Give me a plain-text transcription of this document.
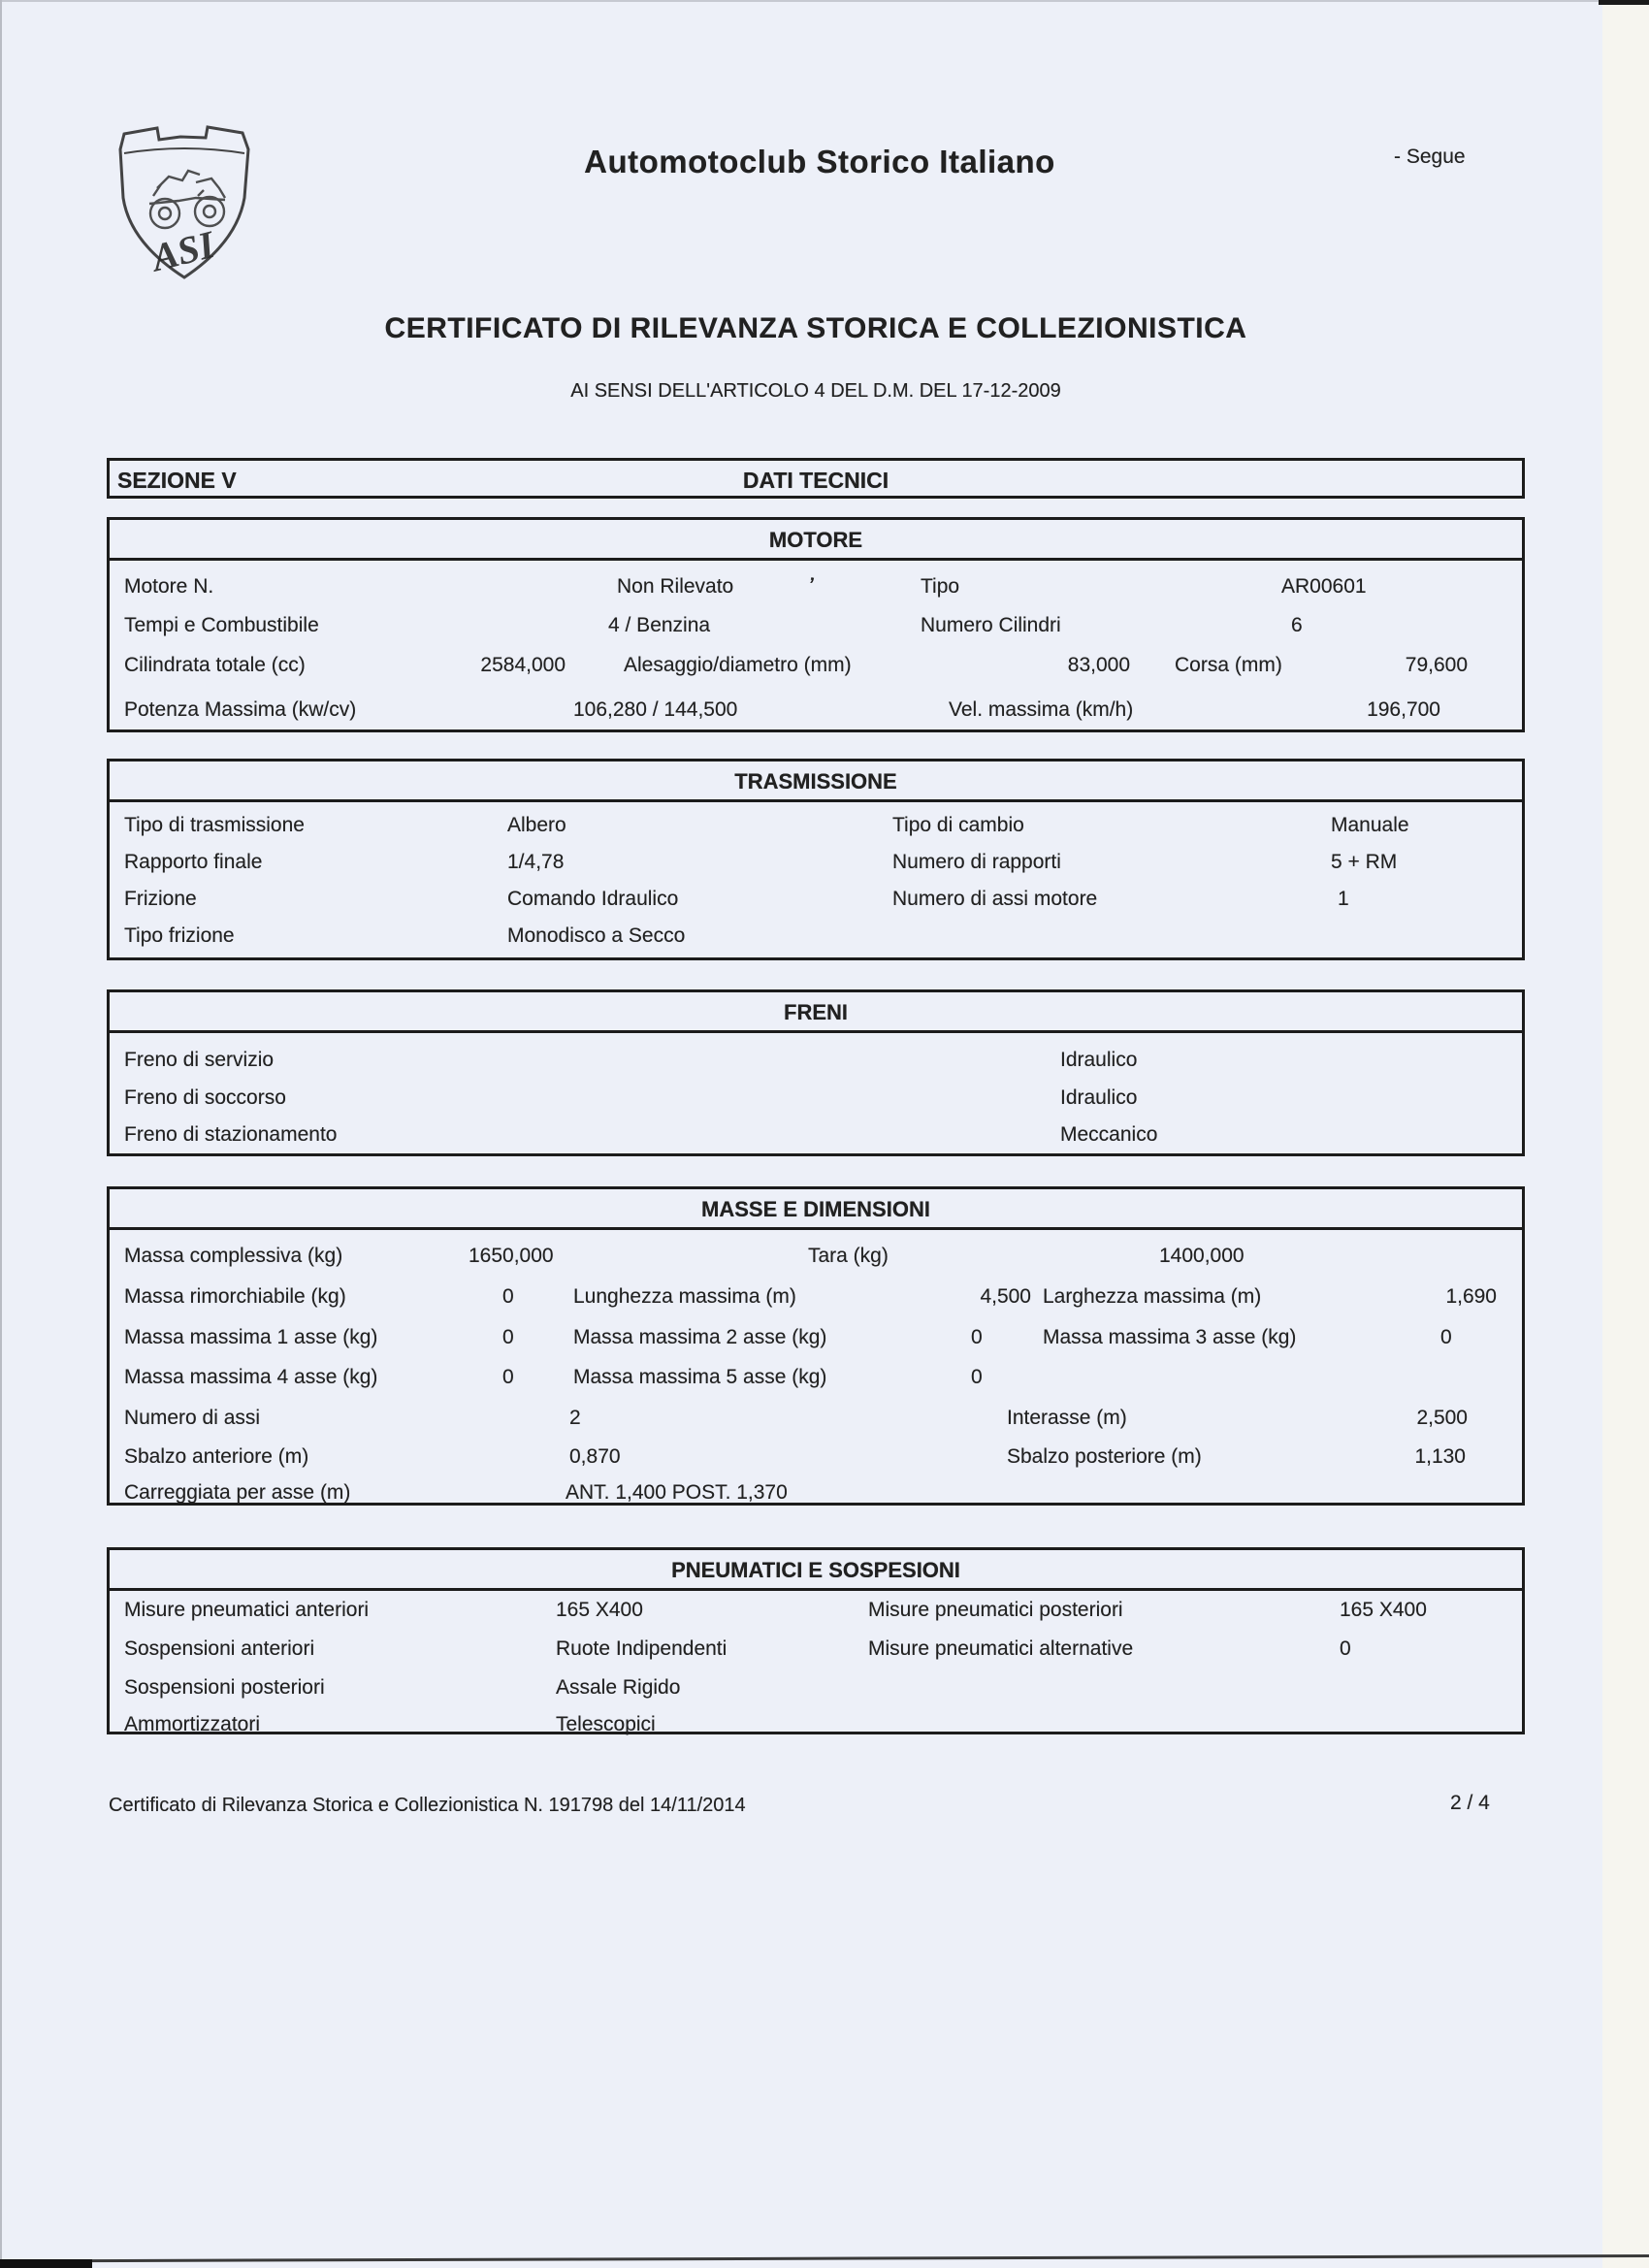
ASI
Automotoclub Storico Italiano	- Segue
CERTIFICATO DI RILEVANZA STORICA E COLLEZIONISTICA
AI SENSI DELL'ARTICOLO 4 DEL D.M. DEL 17-12-2009
SEZIONE V	DATI TECNICI
MOTORE
Motore N.	Non Rilevato	’	Tipo	AR00601
Tempi e Combustibile	4 / Benzina	Numero Cilindri	6
Cilindrata totale (cc)	2584,000	Alesaggio/diametro (mm)	83,000 Corsa (mm)	79,600
Potenza Massima (kw/cv)	106,280 / 144,500	Vel. massima (km/h)	196,700
TRASMISSIONE
Tipo di trasmissione	Albero	Tipo di cambio	Manuale
Rapporto finale	1/4,78	Numero di rapporti	5 + RM
Frizione	Comando Idraulico	Numero di assi motore	1
Tipo frizione	Monodisco a Secco
FRENI
Freno di servizio	Idraulico
Freno di soccorso	Idraulico
Freno di stazionamento	Meccanico
MASSE E DIMENSIONI
Massa complessiva (kg)	1650,000	Tara (kg)	1400,000
Massa rimorchiabile (kg)	0	Lunghezza massima (m)	4,500 Larghezza massima (m)	1,690
Massa massima 1 asse (kg)	0	Massa massima 2 asse (kg)	0	Massa massima 3 asse (kg)	0
Massa massima 4 asse (kg)	0	Massa massima 5 asse (kg)	0
Numero di assi	2	Interasse (m)	2,500
Sbalzo anteriore (m)	0,870	Sbalzo posteriore (m)	1,130
Carreggiata per asse (m)	ANT. 1,400 POST. 1,370
PNEUMATICI E SOSPESIONI
Misure pneumatici anteriori	165 X400	Misure pneumatici posteriori	165 X400
Sospensioni anteriori	Ruote Indipendenti	Misure pneumatici alternative	0
Sospensioni posteriori	Assale Rigido
Ammortizzatori	Telescopici
Certificato di Rilevanza Storica e Collezionistica N. 191798 del 14/11/2014	2 / 4
